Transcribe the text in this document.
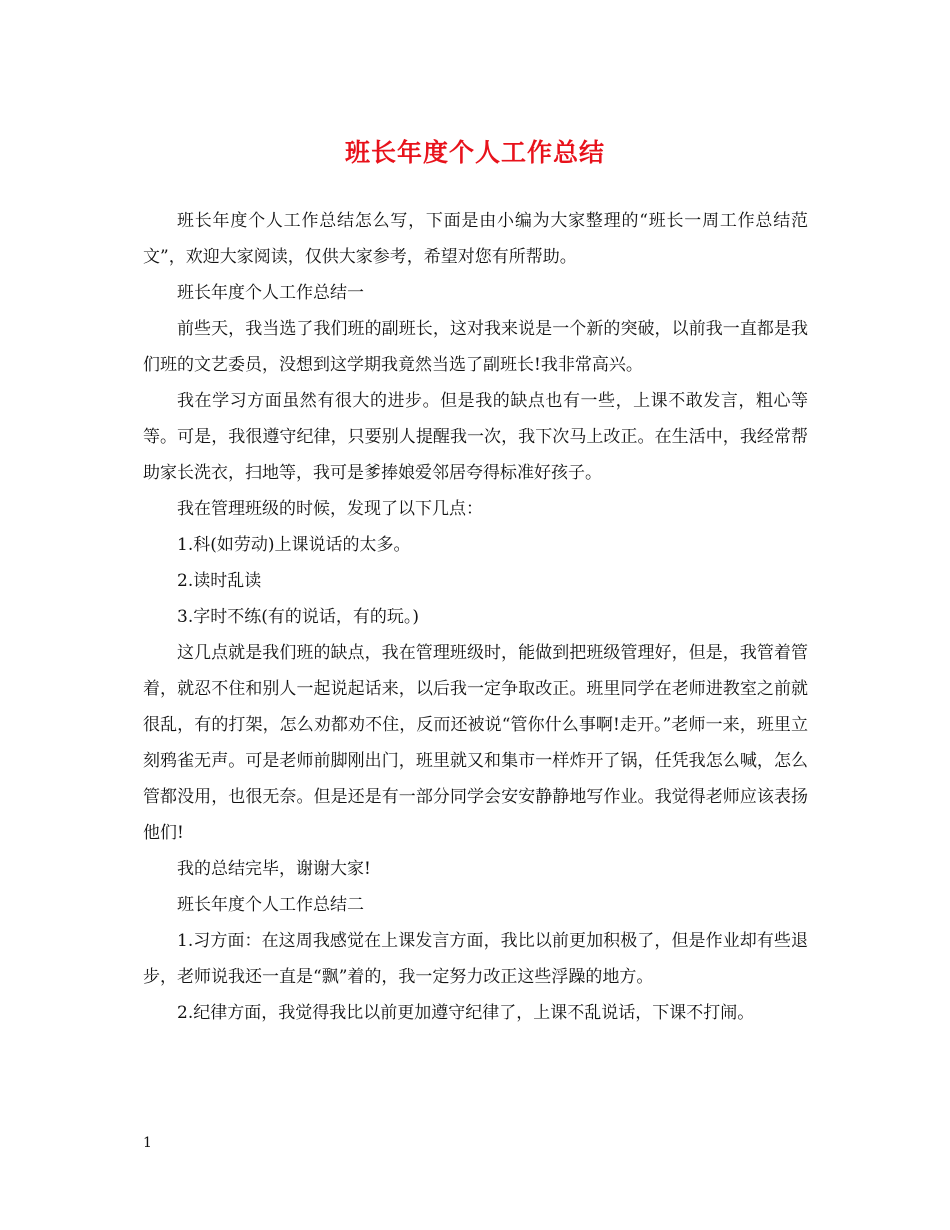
班长年度个人工作总结

班长年度个人工作总结怎么写，下面是由小编为大家整理的“班长一周工作总结范文”，欢迎大家阅读，仅供大家参考，希望对您有所帮助。

班长年度个人工作总结一

前些天，我当选了我们班的副班长，这对我来说是一个新的突破，以前我一直都是我们班的文艺委员，没想到这学期我竟然当选了副班长!我非常高兴。

我在学习方面虽然有很大的进步。但是我的缺点也有一些，上课不敢发言，粗心等等。可是，我很遵守纪律，只要别人提醒我一次，我下次马上改正。在生活中，我经常帮助家长洗衣，扫地等，我可是爹捧娘爱邻居夸得标准好孩子。

我在管理班级的时候，发现了以下几点：

1.科(如劳动)上课说话的太多。

2.读时乱读

3.字时不练(有的说话，有的玩。)

这几点就是我们班的缺点，我在管理班级时，能做到把班级管理好，但是，我管着管着，就忍不住和别人一起说起话来，以后我一定争取改正。班里同学在老师进教室之前就很乱，有的打架，怎么劝都劝不住，反而还被说“管你什么事啊!走开。”老师一来，班里立刻鸦雀无声。可是老师前脚刚出门，班里就又和集市一样炸开了锅，任凭我怎么喊，怎么管都没用，也很无奈。但是还是有一部分同学会安安静静地写作业。我觉得老师应该表扬他们!

我的总结完毕，谢谢大家!

班长年度个人工作总结二

1.习方面：在这周我感觉在上课发言方面，我比以前更加积极了，但是作业却有些退步，老师说我还一直是“飘”着的，我一定努力改正这些浮躁的地方。

2.纪律方面，我觉得我比以前更加遵守纪律了，上课不乱说话，下课不打闹。

1
